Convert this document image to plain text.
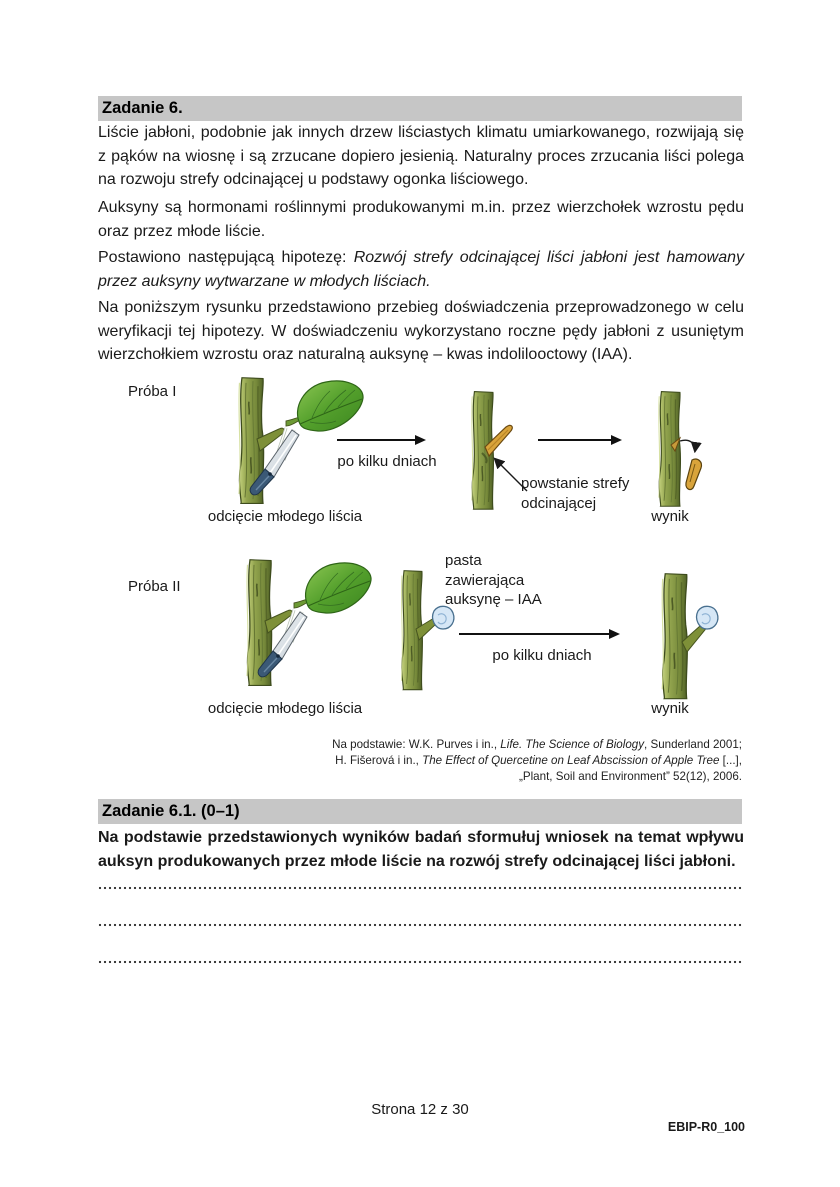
Zadanie 6.
Liście jabłoni, podobnie jak innych drzew liściastych klimatu umiarkowanego, rozwijają się z pąków na wiosnę i są zrzucane dopiero jesienią. Naturalny proces zrzucania liści polega na rozwoju strefy odcinającej u podstawy ogonka liściowego.
Auksyny są hormonami roślinnymi produkowanymi m.in. przez wierzchołek wzrostu pędu oraz przez młode liście.
Postawiono następującą hipotezę: Rozwój strefy odcinającej liści jabłoni jest hamowany przez auksyny wytwarzane w młodych liściach.
Na poniższym rysunku przedstawiono przebieg doświadczenia przeprowadzonego w celu weryfikacji tej hipotezy. W doświadczeniu wykorzystano roczne pędy jabłoni z usuniętym wierzchołkiem wzrostu oraz naturalną auksynę – kwas indolilooctowy (IAA).
Próba I
odcięcie młodego liścia
po kilku dniach
powstanie strefy odcinającej
wynik
Próba II
odcięcie młodego liścia
pasta zawierająca auksynę – IAA
po kilku dniach
wynik
Na podstawie: W.K. Purves i in., Life. The Science of Biology, Sunderland 2001;
H. Fišerová i in., The Effect of Quercetine on Leaf Abscission of Apple Tree [...],
„Plant, Soil and Environment” 52(12), 2006.
Zadanie 6.1. (0–1)
Na podstawie przedstawionych wyników badań sformułuj wniosek na temat wpływu auksyn produkowanych przez młode liście na rozwój strefy odcinającej liści jabłoni.
Strona 12 z 30
EBIP-R0_100
